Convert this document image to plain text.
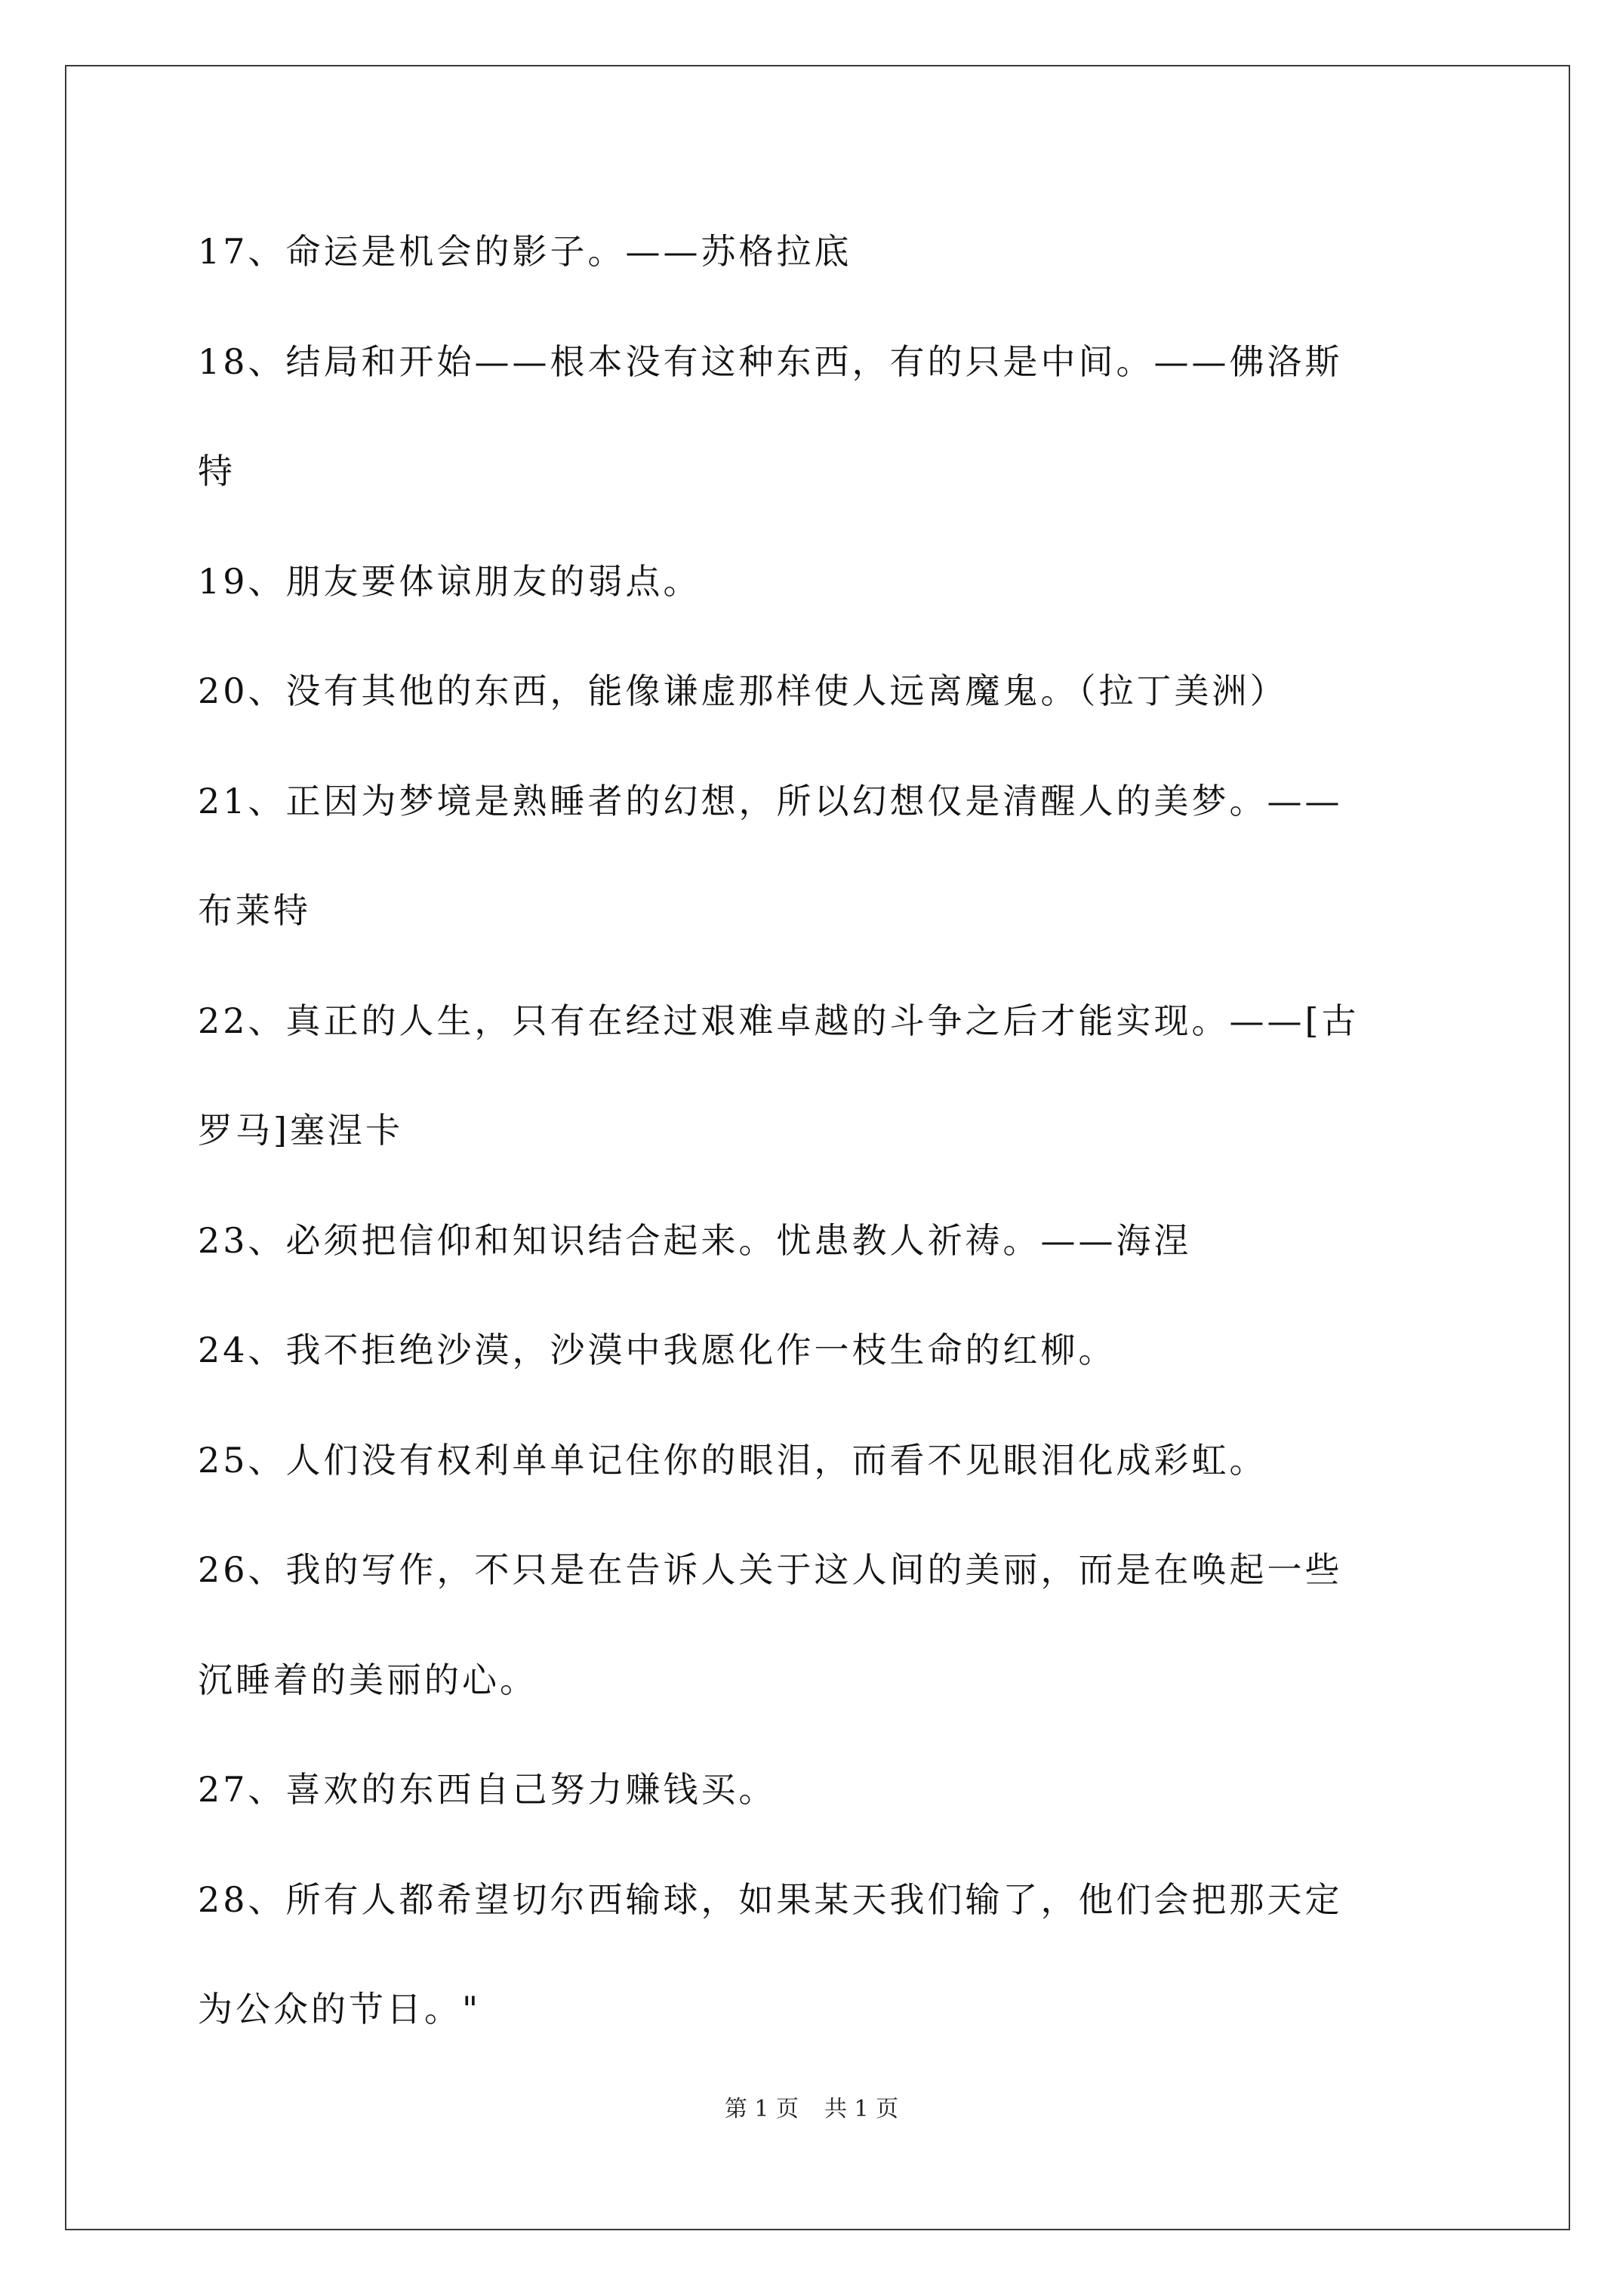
17、命运是机会的影子。——苏格拉底
18、结局和开始——根本没有这种东西，有的只是中间。——佛洛斯
特
19、朋友要体谅朋友的弱点。
20、没有其他的东西，能像谦虚那样使人远离魔鬼。（拉丁美洲）
21、正因为梦境是熟睡者的幻想，所以幻想仅是清醒人的美梦。——
布莱特
22、真正的人生，只有在经过艰难卓越的斗争之后才能实现。——[古
罗马]塞涅卡
23、必须把信仰和知识结合起来。忧患教人祈祷。——海涅
24、我不拒绝沙漠，沙漠中我愿化作一枝生命的红柳。
25、人们没有权利单单记住你的眼泪，而看不见眼泪化成彩虹。
26、我的写作，不只是在告诉人关于这人间的美丽，而是在唤起一些
沉睡着的美丽的心。
27、喜欢的东西自己努力赚钱买。
28、所有人都希望切尔西输球，如果某天我们输了，他们会把那天定
为公众的节日。"
第 1 页 共 1 页
